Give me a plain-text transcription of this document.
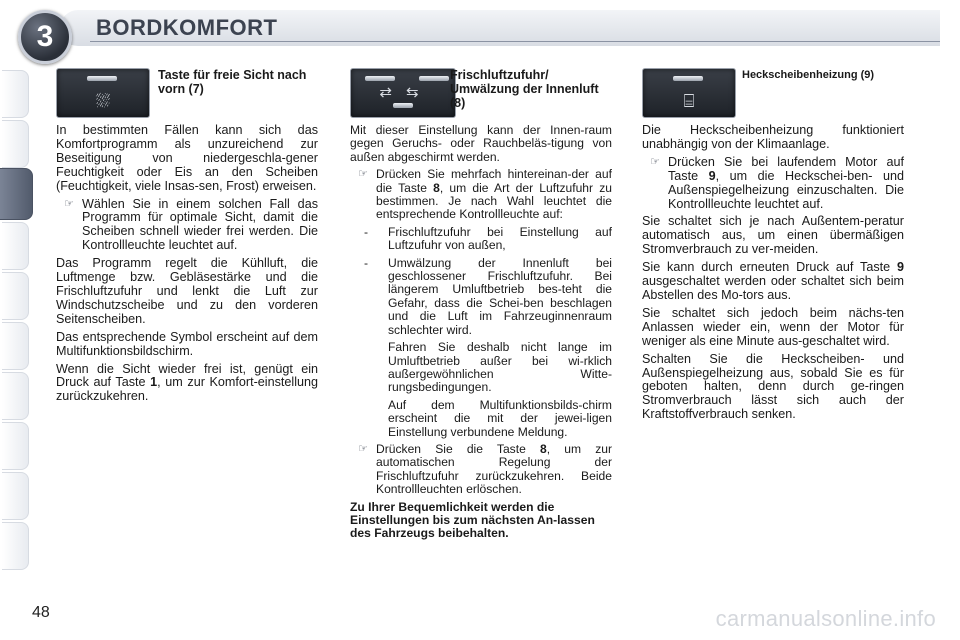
3	BORDKOMFORT
⛆
Taste für freie Sicht nach vorn (7)

In bestimmten Fällen kann sich das Komfortprogramm als unzureichend zur Beseitigung von niedergeschla-gener Feuchtigkeit oder Eis an den Scheiben (Feuchtigkeit, viele Insas-sen, Frost) erweisen.

☞ Wählen Sie in einem solchen Fall das Programm für optimale Sicht, damit die Scheiben schnell wieder frei werden. Die Kontrollleuchte leuchtet auf.

Das Programm regelt die Kühlluft, die Luftmenge bzw. Gebläsestärke und die Frischluftzufuhr und lenkt die Luft zur Windschutzscheibe und zu den vorderen Seitenscheiben.

Das entsprechende Symbol erscheint auf dem Multifunktionsbildschirm.

Wenn die Sicht wieder frei ist, genügt ein Druck auf Taste 1, um zur Komfort-einstellung zurückzukehren.

⇄⇆
Frischluftzufuhr/ Umwälzung der Innenluft (8)

Mit dieser Einstellung kann der Innen-raum gegen Geruchs- oder Rauchbeläs-tigung von außen abgeschirmt werden.

☞ Drücken Sie mehrfach hintereinan-der auf die Taste 8, um die Art der Luftzufuhr zu bestimmen. Je nach Wahl leuchtet die entsprechende Kontrollleuchte auf:
-	Frischluftzufuhr bei Einstellung auf Luftzufuhr von außen,
-	Umwälzung der Innenluft bei geschlossener Frischluftzufuhr. Bei längerem Umluftbetrieb bes-teht die Gefahr, dass die Schei-ben beschlagen und die Luft im Fahrzeuginnenraum schlechter wird.

Fahren Sie deshalb nicht lange im Umluftbetrieb außer bei wi-rklich außergewöhnlichen Witte-rungsbedingungen.

Auf dem Multifunktionsbilds-chirm erscheint die mit der jewei-ligen Einstellung verbundene Meldung.

☞ Drücken Sie die Taste 8, um zur automatischen Regelung der Frischluftzufuhr zurückzukehren. Beide Kontrollleuchten erlöschen.

Zu Ihrer Bequemlichkeit werden die Einstellungen bis zum nächsten An-lassen des Fahrzeugs beibehalten.

⌸
Heckscheibenheizung (9)

Die Heckscheibenheizung funktioniert unabhängig von der Klimaanlage.

☞ Drücken Sie bei laufendem Motor auf Taste 9, um die Heckschei-ben- und Außenspiegelheizung einzuschalten. Die Kontrollleuchte leuchtet auf.

Sie schaltet sich je nach Außentem-peratur automatisch aus, um einen übermäßigen Stromverbrauch zu ver-meiden.

Sie kann durch erneuten Druck auf Taste 9 ausgeschaltet werden oder schaltet sich beim Abstellen des Mo-tors aus.

Sie schaltet sich jedoch beim nächs-ten Anlassen wieder ein, wenn der Motor für weniger als eine Minute aus-geschaltet wird.

Schalten Sie die Heckscheiben- und Außenspiegelheizung aus, sobald Sie es für geboten halten, denn durch ge-ringen Stromverbrauch lässt sich auch der Kraftstoffverbrauch senken.

48	carmanualsonline.info
